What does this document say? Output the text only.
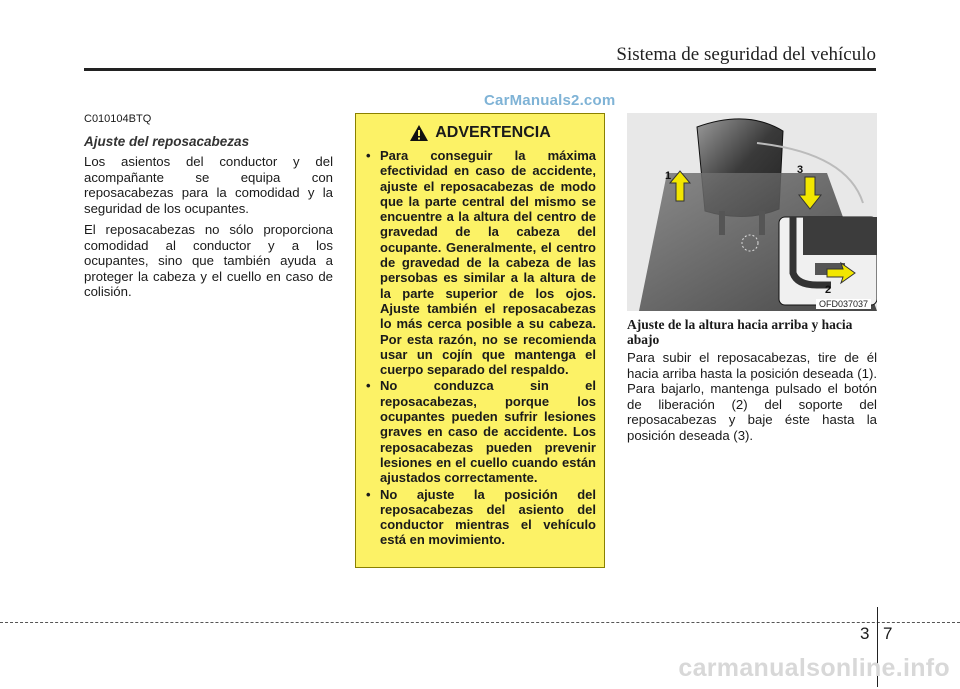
Sistema de seguridad del vehículo
CarManuals2.com
C010104BTQ
Ajuste del reposacabezas

Los asientos del conductor y del acompañante se equipa con reposacabezas para la comodidad y la seguridad de los ocupantes.

El reposacabezas no sólo proporciona comodidad al conductor y a los ocupantes, sino que también ayuda a proteger la cabeza y el cuello en caso de colisión.

ADVERTENCIA
• Para conseguir la máxima efectividad en caso de accidente, ajuste el reposacabezas de modo que la parte central del mismo se encuentre a la altura del centro de gravedad de la cabeza del ocupante. Generalmente, el centro de gravedad de la cabeza de las persobas es similar a la altura de la parte superior de los ojos. Ajuste también el reposacabezas lo más cerca posible a su cabeza. Por esta razón, no se recomienda usar un cojín que mantenga el cuerpo separado del respaldo.
• No conduzca sin el reposacabezas, porque los ocupantes pueden sufrir lesiones graves en caso de accidente. Los reposacabezas pueden prevenir lesiones en el cuello cuando están ajustados correctamente.
• No ajuste la posición del reposacabezas del asiento del conductor mientras el vehículo está en movimiento.
1	3
2
OFD037037
Ajuste de la altura hacia arriba y hacia abajo

Para subir el reposacabezas, tire de él hacia arriba hasta la posición deseada (1). Para bajarlo, mantenga pulsado el botón de liberación (2) del soporte del reposacabezas y baje éste hasta la posición deseada (3).

3 7
carmanualsonline.info
